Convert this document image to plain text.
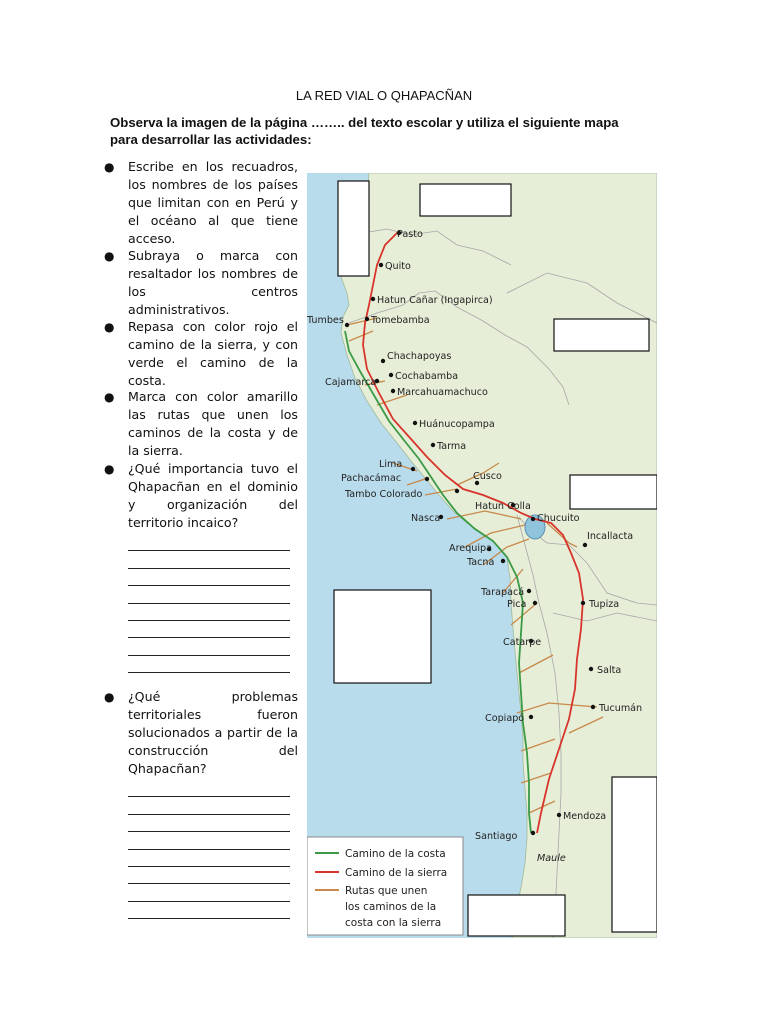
LA RED VIAL O QHAPACÑAN
Observa la imagen de la página …….. del texto escolar y utiliza el siguiente mapa para desarrollar las actividades:
● Escribe en los recuadros, los nombres de los países que limitan con en Perú y el océano al que tiene acceso.
● Subraya o marca con resaltador los nombres de los centros administrativos.
● Repasa con color rojo el camino de la sierra, y con verde el camino de la costa.
● Marca con color amarillo las rutas que unen los caminos de la costa y de la sierra.
● ¿Qué importancia tuvo el Qhapacñan en el dominio y organización del territorio incaico?
● ¿Qué problemas territoriales fueron solucionados a partir de la construcción del Qhapacñan?
Pasto
Quito
Hatun Cañar (Ingapirca)
Tumbes	Tomebamba
Chachapoyas
Cajamarca
Cochabamba
Marcahuamachuco
Huánucopampa
Tarma
Lima
Pachacámac
Tambo Colorado
Cusco
Hatun Colla
Chucuito
Incallacta
Nasca
Arequipa
Tacna
Tarapacá
Pica	Tupiza
Catarpe
Salta
Tucumán
Copiapó
Mendoza
Santiago
Maule
Camino de la costa
Camino de la sierra
Rutas que unen
los caminos de la
costa con la sierra
